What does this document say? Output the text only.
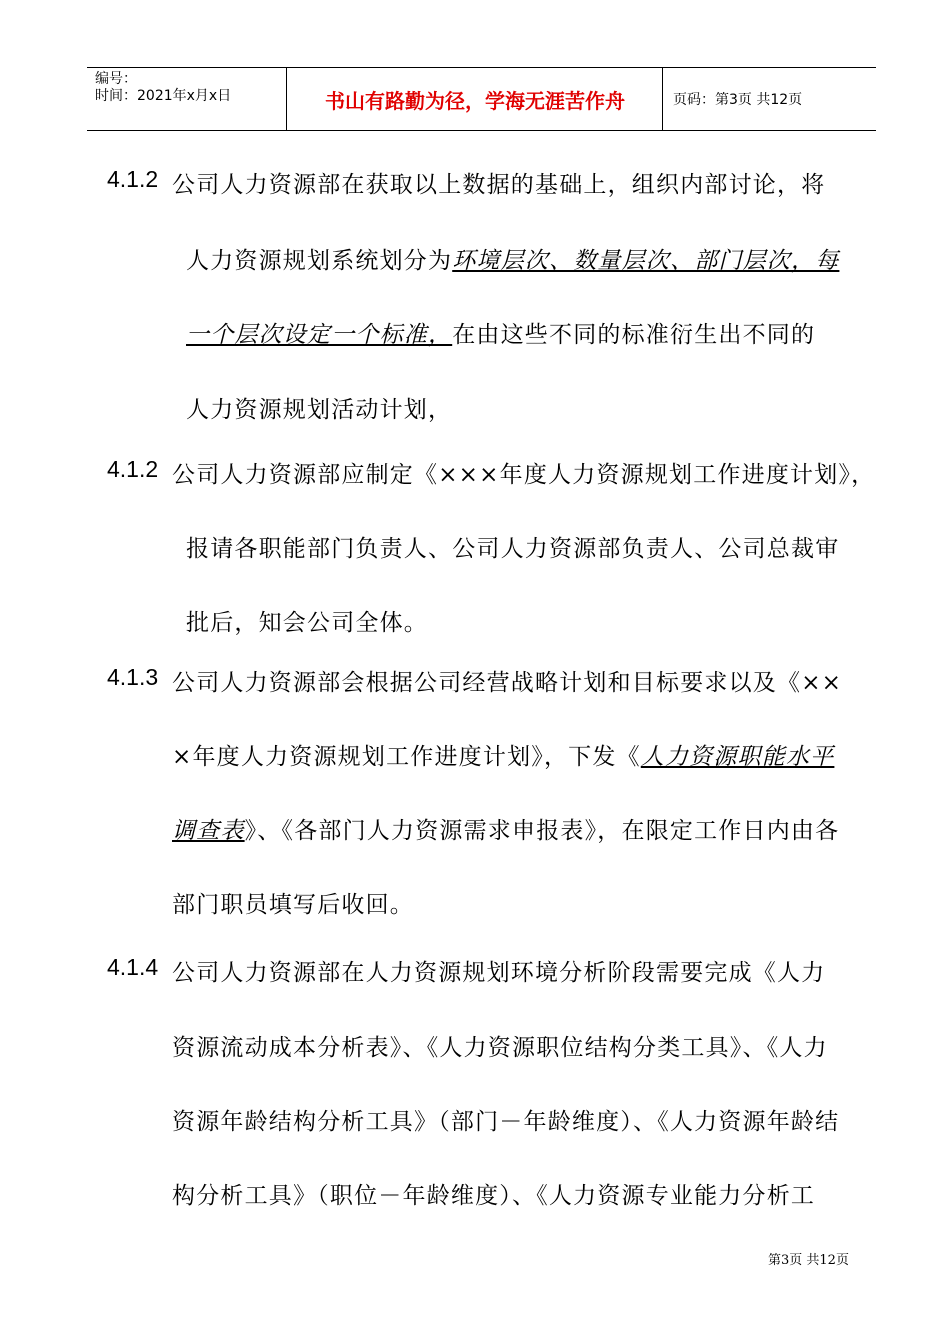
编号：
时间：2021年x月x日	书山有路勤为径，学海无涯苦作舟	页码：第3页 共12页
4.1.2 公司人力资源部在获取以上数据的基础上，组织内部讨论，将
人力资源规划系统划分为环境层次、数量层次、部门层次，每
一个层次设定一个标准，在由这些不同的标准衍生出不同的
人力资源规划活动计划，
4.1.2 公司人力资源部应制定《×××年度人力资源规划工作进度计划》，
报请各职能部门负责人、公司人力资源部负责人、公司总裁审
批后，知会公司全体。
4.1.3 公司人力资源部会根据公司经营战略计划和目标要求以及《××
×年度人力资源规划工作进度计划》，下发《人力资源职能水平
调查表》、《各部门人力资源需求申报表》，在限定工作日内由各
部门职员填写后收回。
4.1.4 公司人力资源部在人力资源规划环境分析阶段需要完成《人力
资源流动成本分析表》、《人力资源职位结构分类工具》、《人力
资源年龄结构分析工具》（部门－年龄维度）、《人力资源年龄结
构分析工具》（职位－年龄维度）、《人力资源专业能力分析工
第3页 共12页
